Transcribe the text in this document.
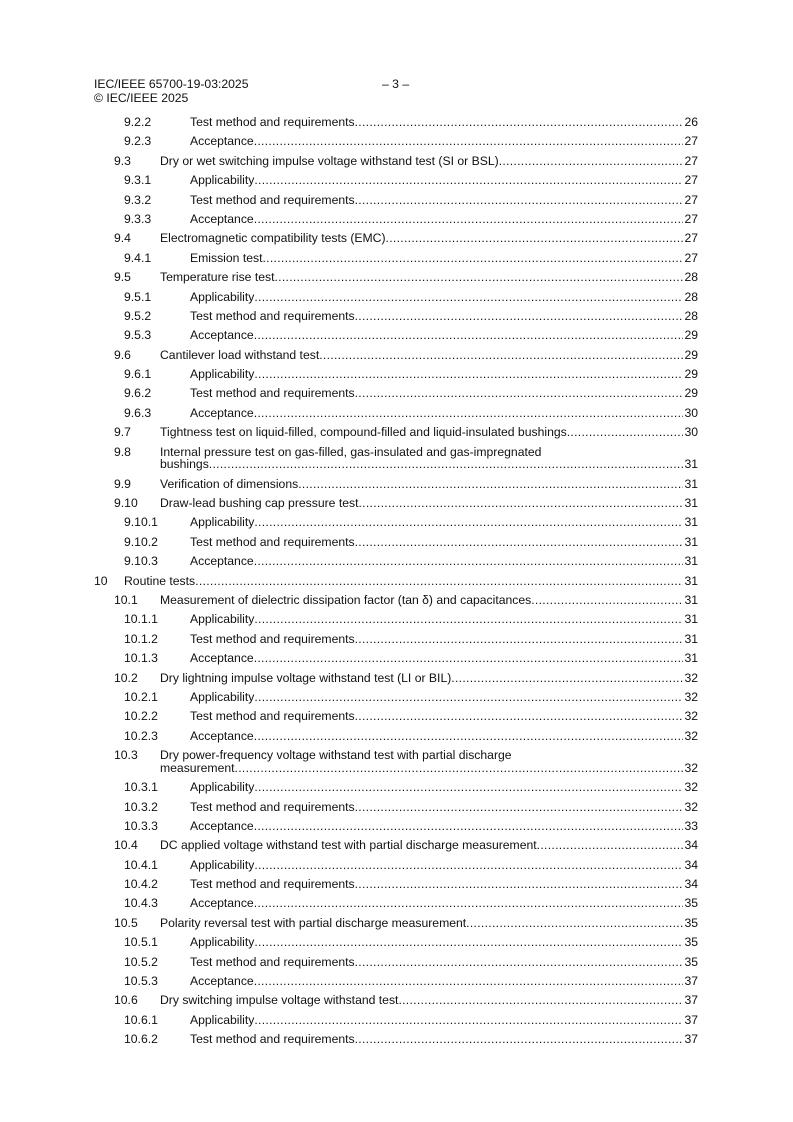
IEC/IEEE 65700-19-03:2025	– 3 –
© IEC/IEEE 2025
9.2.2	Test method and requirements .....	26
9.2.3	Acceptance .....	27
9.3 Dry or wet switching impulse voltage withstand test (SI or BSL) .....	27
9.3.1	Applicability .....	27
9.3.2	Test method and requirements .....	27
9.3.3	Acceptance .....	27
9.4 Electromagnetic compatibility tests (EMC) .....	27
9.4.1	Emission test .....	27
9.5 Temperature rise test .....	28
9.5.1	Applicability .....	28
9.5.2	Test method and requirements .....	28
9.5.3	Acceptance .....	29
9.6 Cantilever load withstand test .....	29
9.6.1	Applicability .....	29
9.6.2	Test method and requirements .....	29
9.6.3	Acceptance .....	30
9.7 Tightness test on liquid-filled, compound-filled and liquid-insulated bushings .....	30
9.8 Internal pressure test on gas-filled, gas-insulated and gas-impregnated
bushings .....	31
9.9 Verification of dimensions .....	31
9.10 Draw-lead bushing cap pressure test .....	31
9.10.1	Applicability .....	31
9.10.2	Test method and requirements .....	31
9.10.3	Acceptance .....	31
10 Routine tests .....	31
10.1 Measurement of dielectric dissipation factor (tan δ) and capacitances .....	31
10.1.1	Applicability .....	31
10.1.2	Test method and requirements .....	31
10.1.3	Acceptance .....	31
10.2 Dry lightning impulse voltage withstand test (LI or BIL) .....	32
10.2.1	Applicability .....	32
10.2.2	Test method and requirements .....	32
10.2.3	Acceptance .....	32
10.3 Dry power-frequency voltage withstand test with partial discharge
measurement .....	32
10.3.1	Applicability .....	32
10.3.2	Test method and requirements .....	32
10.3.3	Acceptance .....	33
10.4 DC applied voltage withstand test with partial discharge measurement .....	34
10.4.1	Applicability .....	34
10.4.2	Test method and requirements .....	34
10.4.3	Acceptance .....	35
10.5 Polarity reversal test with partial discharge measurement .....	35
10.5.1	Applicability .....	35
10.5.2	Test method and requirements .....	35
10.5.3	Acceptance .....	37
10.6 Dry switching impulse voltage withstand test .....	37
10.6.1	Applicability .....	37
10.6.2	Test method and requirements .....	37
